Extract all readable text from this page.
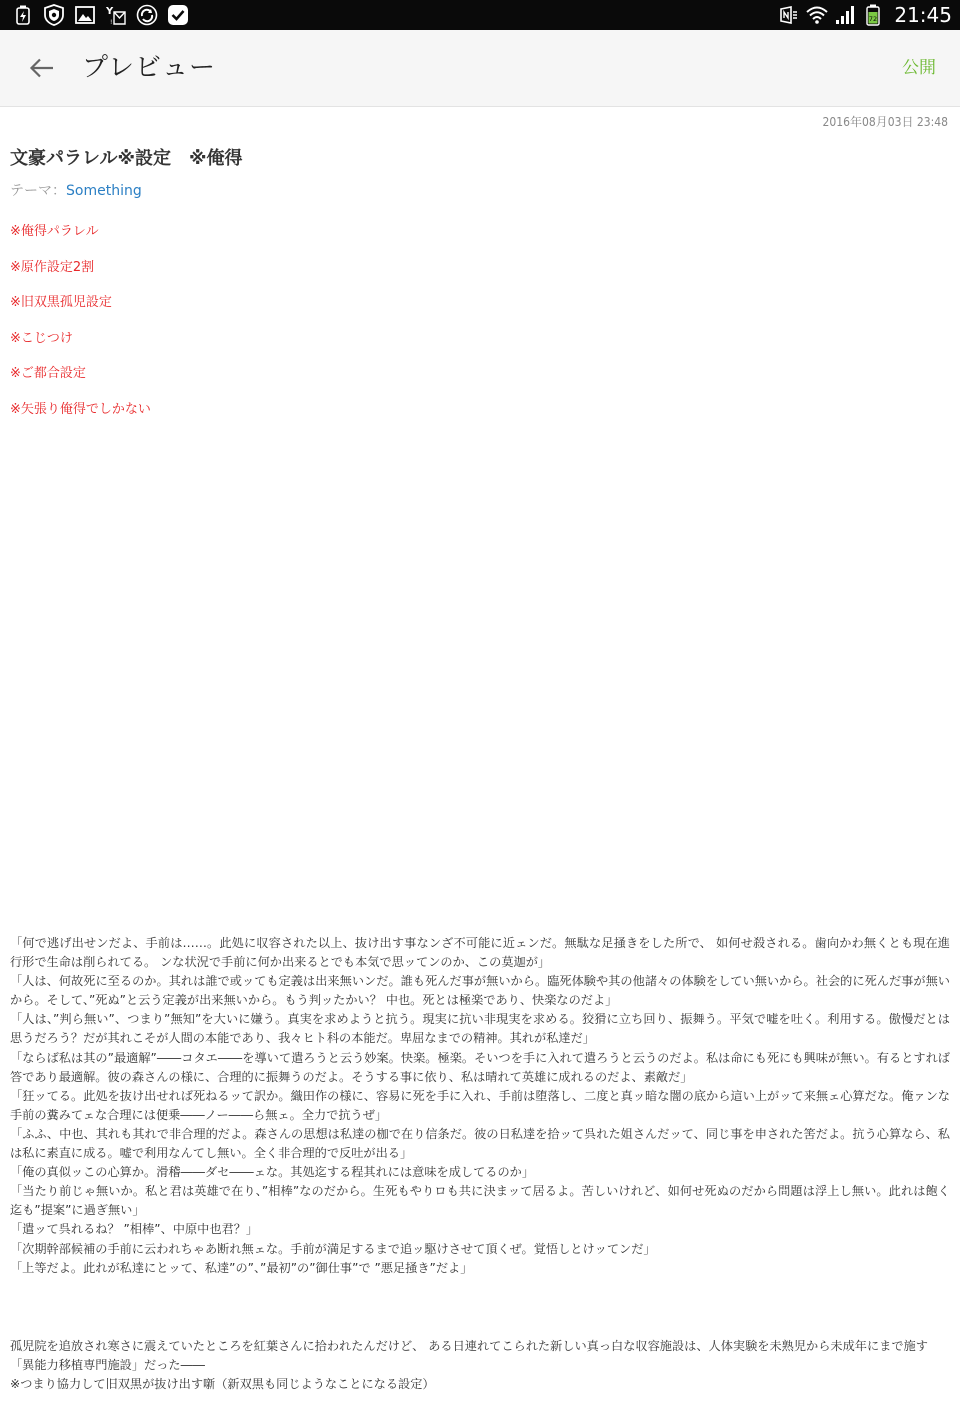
Y
!	72 21:45
プレビュー	公開
2016年08月03日 23:48
文豪パラレル※設定　※俺得
テーマ：Something
※俺得パラレル
※原作設定2割
※旧双黒孤児設定
※こじつけ
※ご都合設定
※矢張り俺得でしかない

「何で逃げ出せンだよ、手前は……。此処に収容された以上、抜け出す事なンざ不可能に近ェンだ。無駄な足掻きをした所で、 如何せ殺される。歯向かわ無くとも現在進行形で生命は削られてる。 ンな状況で手前に何か出来るとでも本気で思ッてンのか、この莫迦が」

「人は、何故死に至るのか。其れは誰で或ッても定義は出来無いンだ。誰も死んだ事が無いから。臨死体験や其の他諸々の体験をしてい無いから。社会的に死んだ事が無いから。そして、”死ぬ”と云う定義が出来無いから。もう判ッたかい？ 中也。死とは極楽であり、快楽なのだよ」

「人は、”判ら無い”、つまり”無知”を大いに嫌う。真実を求めようと抗う。現実に抗い非現実を求める。狡猾に立ち回り、振舞う。平気で嘘を吐く。利用する。傲慢だとは思うだろう？だが其れこそが人間の本能であり、我々ヒト科の本能だ。卑屈なまでの精神。其れが私達だ」

「ならば私は其の”最適解”――コタエ――を導いて遣ろうと云う妙案。快楽。極楽。そいつを手に入れて遣ろうと云うのだよ。私は命にも死にも興味が無い。有るとすれば答であり最適解。彼の森さんの様に、合理的に振舞うのだよ。そうする事に依り、私は晴れて英雄に成れるのだよ、素敵だ」

「狂ッてる。此処を抜け出せれば死ねるッて訳か。織田作の様に、容易に死を手に入れ、手前は堕落し、二度と真ッ暗な闇の底から這い上がッて来無ェ心算だな。俺ァンな手前の糞みてェな合理には便乗――ノー――ら無ェ。全力で抗うぜ」

「ふふ、中也、其れも其れで非合理的だよ。森さんの思想は私達の枷で在り信条だ。彼の日私達を拾ッて呉れた姐さんだッて、同じ事を申された筈だよ。抗う心算なら、私は私に素直に成る。嘘で利用なんてし無い。全く非合理的で反吐が出る」

「俺の真似ッこの心算か。滑稽――ダセ――ェな。其処迄する程其れには意味を成してるのか」

「当たり前じゃ無いか。私と君は英雄で在り、”相棒”なのだから。生死もやりロも共に決まッて居るよ。苦しいけれど、如何せ死ぬのだから問題は浮上し無い。此れは飽く迄も”提案”に過ぎ無い」

「遣ッて呉れるね？ ”相棒”、中原中也君？」

「次期幹部候補の手前に云われちゃあ断れ無ェな。手前が満足するまで追ッ駆けさせて頂くぜ。覚悟しとけッてンだ」

「上等だよ。此れが私達にとッて、私達”の”、”最初”の”御仕事”で ”悪足掻き”だよ」

孤児院を追放され寒さに震えていたところを紅葉さんに拾われたんだけど、 ある日連れてこられた新しい真っ白な収容施設は、人体実験を未熟児から未成年にまで施す「異能力移植専門施設」だった――

※つまり協力して旧双黒が抜け出す噺（新双黒も同じようなことになる設定）
